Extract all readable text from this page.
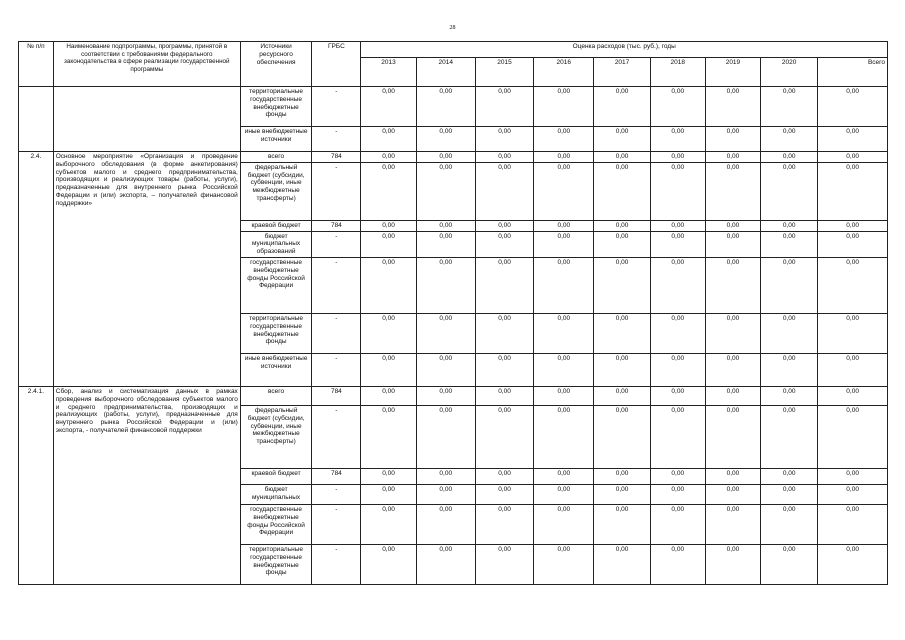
28
№ п/п	Наименование подпрограммы, программы, принятой в соответствии с требованиями федерального законодательства в сфере реализации государственной программы	Источники ресурсного обеспечения	ГРБС	Оценка расходов (тыс. руб.), годы								
				2013	2014	2015	2016	2017	2018	2019	2020	Всего
		территориальные государственные внебюджетные фонды	-	0,00	0,00	0,00	0,00	0,00	0,00	0,00	0,00	0,00
		иные внебюджетные источники	-	0,00	0,00	0,00	0,00	0,00	0,00	0,00	0,00	0,00
2.4.	Основное мероприятие «Организация и проведение выборочного обследования (в форме анкетирования) субъектов малого и среднего предпринимательства, производящих и реализующих товары (работы, услуги), предназначенные для внутреннего рынка Российской Федерации и (или) экспорта, – получателей финансовой поддержки»	всего	784	0,00	0,00	0,00	0,00	0,00	0,00	0,00	0,00	0,00
		федеральный бюджет (субсидии, субвенции, иные межбюджетные трансферты)	-	0,00	0,00	0,00	0,00	0,00	0,00	0,00	0,00	0,00
		краевой бюджет	784	0,00	0,00	0,00	0,00	0,00	0,00	0,00	0,00	0,00
		бюджет муниципальных образований	-	0,00	0,00	0,00	0,00	0,00	0,00	0,00	0,00	0,00
		государственные внебюджетные фонды Российской Федерации	-	0,00	0,00	0,00	0,00	0,00	0,00	0,00	0,00	0,00
		территориальные государственные внебюджетные фонды	-	0,00	0,00	0,00	0,00	0,00	0,00	0,00	0,00	0,00
		иные внебюджетные источники	-	0,00	0,00	0,00	0,00	0,00	0,00	0,00	0,00	0,00
2.4.1.	Сбор, анализ и систематизация данных в рамках проведения выборочного обследования субъектов малого и среднего предпринимательства, производящих и реализующих (работы, услуги), предназначенные для внутреннего рынка Российской Федерации и (или) экспорта, - получателей финансовой поддержки	всего	784	0,00	0,00	0,00	0,00	0,00	0,00	0,00	0,00	0,00
		федеральный бюджет (субсидии, субвенции, иные межбюджетные трансферты)	-	0,00	0,00	0,00	0,00	0,00	0,00	0,00	0,00	0,00
		краевой бюджет	784	0,00	0,00	0,00	0,00	0,00	0,00	0,00	0,00	0,00
		бюджет муниципальных	-	0,00	0,00	0,00	0,00	0,00	0,00	0,00	0,00	0,00
		государственные внебюджетные фонды Российской Федерации	-	0,00	0,00	0,00	0,00	0,00	0,00	0,00	0,00	0,00
		территориальные государственные внебюджетные фонды	-	0,00	0,00	0,00	0,00	0,00	0,00	0,00	0,00	0,00
